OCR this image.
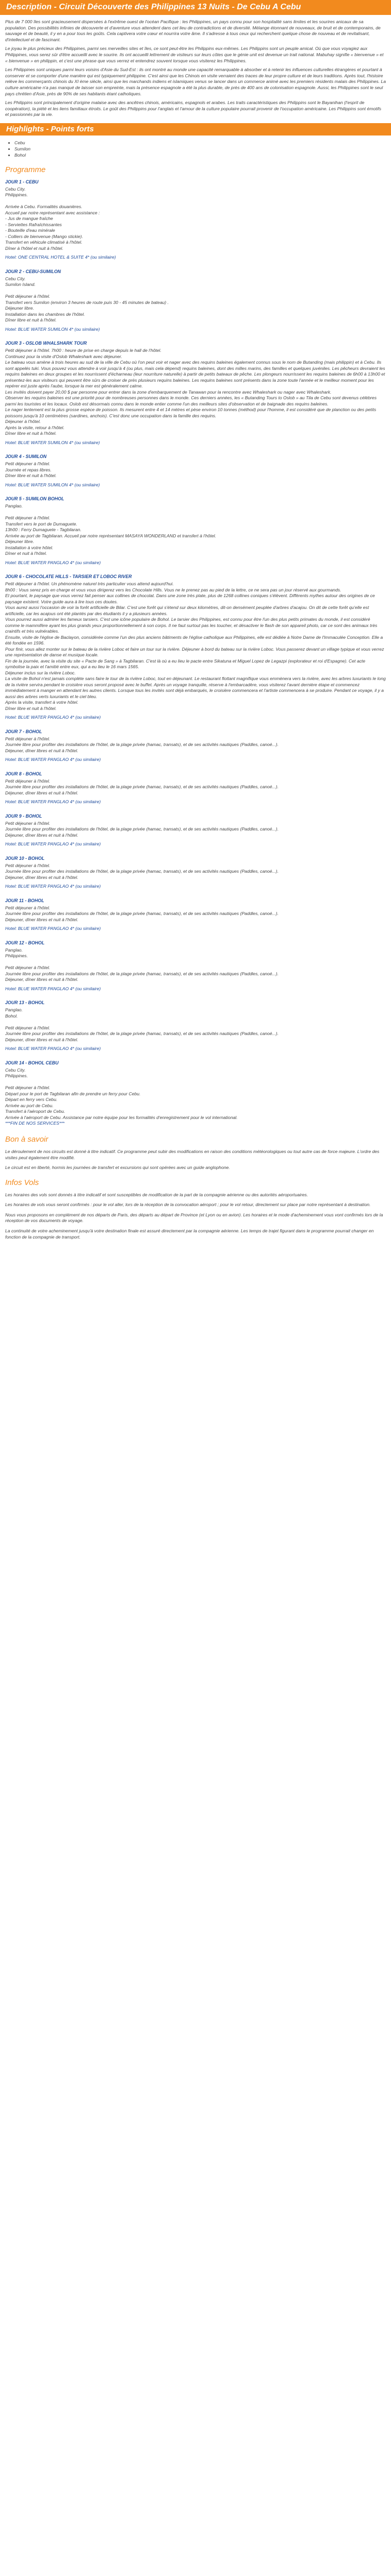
Description - Circuit Découverte des Philippines 13 Nuits - De Cebu A Cebu

Plus de 7 000 îles sont gracieusement dispersées à l'extrême ouest de l'océan Pacifique : les Philippines, un pays connu pour son hospitalité sans limites et les sourires anicaux de sa population. Des possibilités infinies de découverte et d'aventure vous attendent dans cet lieu de contradictions et de diversité. Mélange étonnant de nouveaux, de bruit et de contemporains, de sauvage et de beauté, il y en a pour tous les goûts. Cela captivera votre cœur et nourrira votre âme. Il s'adresse à tous ceux qui recherchent quelque chose de nouveau et de revitalisant, d'intellectuel et de fascinant.

Le joyau le plus précieux des Philippines, parmi ses merveilles sites et îles, ce sont peut-être les Philippins eux-mêmes. Les Philippins sont un peuple amical. Où que vous voyagiez aux Philippines, vous serez sûr d'être accueilli avec le sourire. Ils ont accueilli lettrement de visiteurs sur leurs côtes que le génie unit est devenue un trait national. Mabuhay signifie « bienvenue » et « bienvenue » en philippin, et c'est une phrase que vous verrez et entendrez souvent lorsque vous visiterez les Philippines.

Les Philippines sont uniques parmi leurs voisins d'Asie du Sud-Est : ils ont montré au monde une capacité remarquable à absorber et à retenir les influences culturelles étrangères et pourtant à conserver et se comporter d'une manière qui est typiquement philippine. C'est ainsi que les Chinois en visite verraient des traces de leur propre culture et de leurs traditions. Après tout, l'histoire relève les commerçants chinois du XI ème siècle, ainsi que les marchands indiens et islamiques venus se lancer dans un commerce animé avec les premiers résidents malais des Philippines. La culture américaine n'a pas manqué de laisser son empreinte, mais la présence espagnole a été la plus durable, de près de 400 ans de colonisation espagnole. Aussi, les Philippines sont le seul pays chrétien d'Asie, près de 90% de ses habitants étant catholiques.

Les Philippins sont principalement d'origine malaise avec des ancêtres chinois, américains, espagnols et arabes. Les traits caractéristiques des Philippins sont le Bayanihan (l'esprit de coopération), la piété et les liens familiaux étroits. Le goût des Philippins pour l'anglais et l'amour de la culture populaire pourrait provenir de l'occupation américaine. Les Philippins sont émotifs et passionnés par la vie.

Highlights - Points forts
• Cebu
• Sumilon
• Bohol
Programme
JOUR 1 - CEBU

Cebu City.

Philippines.

Arrivée à Cebu. Formalités douanières.

Accueil par notre représentant avec assistance :

- Jus de mangue fraîche

- Serviettes Rafraîchissantes

- Bouteille d'eau minérale

- Colliers de bienvenue (Mango stickie).

Transfert en véhicule climatisé à l'hôtel.

Dîner à l'hôtel et nuit à l'hôtel.

Hotel: ONE CENTRAL HOTEL & SUITE 4* (ou similaire)

JOUR 2 - CEBU-SUMILON

Cebu City.

Sumilon Island.

Petit déjeuner à l'hôtel.

Transfert vers Sumilon (environ 3 heures de route puis 30 - 45 minutes de bateau) .

Déjeuner libre.

Installation dans les chambres de l'hôtel.

Dîner libre et nuit à l'hôtel.

Hotel: BLUE WATER SUMILON 4* (ou similaire)

JOUR 3 - OSLOB WHALSHARK TOUR

Petit déjeuner à l'hôtel. 7h00 : heure de prise en charge depuis le hall de l'hôtel.

Continuez pour la visite d'Oslob Whaleshark avec déjeuner.

Le bateau vous amène à trois heures au sud de la ville de Cebu où l'on peut voir et nager avec des requins baleines également connus sous le nom de Butanding (mais philippin) et à Cebu. Ils sont appelés tuki. Vous pouvez vous attendre à voir jusqu'à 4 (ou plus, mais cela dépend) requins baleines, dont des milles marins, des familles et quelques juvéniles. Les pêcheurs devraient les requins baleines en deux groupes et les nourrissent d'écharneau (leur nourriture naturelle) à partir de petits bateaux de pêche. Les plongeurs nourrissent les requins baleines de 6h00 à 13h00 et présentez-les aux visiteurs qui peuvent être sûrs de croiser de près plusieurs requins baleines. Les requins baleines sont présents dans la zone toute l'année et le meilleur moment pour les repérer est juste après l'aube, lorsque la mer est généralement calme.

Les invités doivent payer 20,00 $ par personne pour entrer dans la zone d'embarquement de Tanawan pour la rencontre avec Whaleshark ou nager avec Whaleshark.

Observer les requins baleines est une priorité pour de nombreuses personnes dans le monde. Ces derniers années, les « Butanding Tours to Oslob » au Tila de Cebu sont devenus célèbres parmi les touristes et les locaux. Oslob est désormais connu dans le monde entier comme l'un des meilleurs sites d'observation et de baignade des requins baleines.

Le nager lentement est la plus grosse espèce de poisson. Ils mesurent entre 4 et 14 mètres et pèse environ 10 tonnes (méthod) pour l'homme, il est considéré que de planction ou des petits poissons jusqu'à 10 centimètres (sardines, anchois). C'est donc une occupation dans la famille des requins.

Déjeuner à l'hôtel.

Après la visite, retour à l'hôtel.

Dîner libre et nuit à l'hôtel.

Hotel: BLUE WATER SUMILON 4* (ou similaire)

JOUR 4 - SUMILON

Petit déjeuner à l'hôtel.

Journée et repas libres.

Dîner libre et nuit à l'hôtel.

Hotel: BLUE WATER SUMILON 4* (ou similaire)

JOUR 5 - SUMILON BOHOL

Panglao.

Petit déjeuner à l'hôtel.

Transfert vers le port de Dumaguete.

13h00 : Ferry Dumaguete - Tagbilaran.

Arrivée au port de Tagbilaran. Accueil par notre représentant MASAYA WONDERLAND et transfert à l'hôtel.

Déjeuner libre.

Installation à votre hôtel.

Dîner et nuit à l'hôtel.

Hotel: BLUE WATER PANGLAO 4* (ou similaire)

JOUR 6 - CHOCOLATE HILLS - TARSIER ET LOBOC RIVER

Petit déjeuner à l'hôtel. Un phénomène naturel très particulier vous attend aujourd'hui.

8h00 : Vous serez pris en charge et vous vous dirigerez vers les Chocolate Hills. Vous ne le prenez pas au pied de la lettre, ce ne sera pas un jour réservé aux gourmands.

Et pourtant, le paysage que vous verrez fait penser aux collines de chocolat. Dans une zone très plate, plus de 1268 collines coniques s'élèvent. Différents mythes autour des origines de ce paysage existent. Votre guide aura à lire tous ces doutes.

Vous aurez aussi l'occasion de voir la forêt artificielle de Bilar. C'est une forêt qui s'étend sur deux kilomètres, dit-on densément peuplée d'arbres d'acajou. On dit de cette forêt qu'elle est artificielle, car les acajous ont été plantés par des étudiants il y a plusieurs années.

Vous pourrez aussi admirer les fameux tarsiers. C'est une icône populaire de Bohol. Le tarsier des Philippines, est connu pour être l'un des plus petits primates du monde, il est considéré comme le mammifère ayant les plus grands yeux proportionnellement à son corps. Il ne faut surtout pas les toucher, et désactiver le flash de son appareil photo, car ce sont des animaux très craintifs et très vulnérables.

Ensuite, visite de l'église de Baclayon, considérée comme l'un des plus anciens bâtiments de l'église catholique aux Philippines, elle est dédiée à Notre Dame de l'Immaculée Conception. Elle a été fondée en 1596.

Pour finir, vous allez monter sur le bateau de la rivière Loboc et faire un tour sur la rivière. Déjeuner à bord du bateau sur la rivière Loboc. Vous passerez devant un village typique et vous verrez une représentation de danse et musique locale.

Fin de la journée, avec la visite du site « Pacte de Sang » à Tagbilaran. C'est là où a eu lieu le pacte entre Sikatuna et Miguel Lopez de Legazpi (explorateur et roi d'Espagne). Cet acte symbolise la paix et l'amitié entre eux, qui a eu lieu le 16 mars 1565.

Déjeuner inclus sur la rivière Loboc.

La visite de Bohol n'est jamais complète sans faire le tour de la rivière Loboc, tout en déjeunant. Le restaurant flottant magnifique vous emmènera vers la rivière, avec les arbres luxuriants le long de la rivière servira pendant le croisière vous seront proposé avec le buffet. Après un voyage tranquille, réserve à l'embarcadère, vous visiterez l'avant dernière étape et commencez immédiatement à manger en attendant les autres clients. Lorsque tous les invités sont déjà embarqués, le croisière commencera et l'artiste commencera à se produire. Pendant ce voyage, il y a aussi des arbres verts luxuriants et le ciel bleu.

Après la visite, transfert à votre hôtel.

Dîner libre et nuit à l'hôtel.

Hotel: BLUE WATER PANGLAO 4* (ou similaire)

JOUR 7 - BOHOL

Petit déjeuner à l'hôtel.

Journée libre pour profiter des installations de l'hôtel, de la plage privée (hamac, transats), et de ses activités nautiques (Paddles, canoé...).

Déjeuner, dîner libres et nuit à l'hôtel.

Hotel: BLUE WATER PANGLAO 4* (ou similaire)

JOUR 8 - BOHOL

Petit déjeuner à l'hôtel.

Journée libre pour profiter des installations de l'hôtel, de la plage privée (hamac, transats), et de ses activités nautiques (Paddles, canoé...).

Déjeuner, dîner libres et nuit à l'hôtel.

Hotel: BLUE WATER PANGLAO 4* (ou similaire)

JOUR 9 - BOHOL

Petit déjeuner à l'hôtel.

Journée libre pour profiter des installations de l'hôtel, de la plage privée (hamac, transats), et de ses activités nautiques (Paddles, canoé...).

Déjeuner, dîner libres et nuit à l'hôtel.

Hotel: BLUE WATER PANGLAO 4* (ou similaire)

JOUR 10 - BOHOL

Petit déjeuner à l'hôtel.

Journée libre pour profiter des installations de l'hôtel, de la plage privée (hamac, transats), et de ses activités nautiques (Paddles, canoé...).

Déjeuner, dîner libres et nuit à l'hôtel.

Hotel: BLUE WATER PANGLAO 4* (ou similaire)

JOUR 11 - BOHOL

Petit déjeuner à l'hôtel.

Journée libre pour profiter des installations de l'hôtel, de la plage privée (hamac, transats), et de ses activités nautiques (Paddles, canoé...).

Déjeuner, dîner libres et nuit à l'hôtel.

Hotel: BLUE WATER PANGLAO 4* (ou similaire)

JOUR 12 - BOHOL

Panglao.

Philippines.

Petit déjeuner à l'hôtel.

Journée libre pour profiter des installations de l'hôtel, de la plage privée (hamac, transats), et de ses activités nautiques (Paddles, canoé...).

Déjeuner, dîner libres et nuit à l'hôtel.

Hotel: BLUE WATER PANGLAO 4* (ou similaire)

JOUR 13 - BOHOL

Panglao.

Bohol.

Petit déjeuner à l'hôtel.

Journée libre pour profiter des installations de l'hôtel, de la plage privée (hamac, transats), et de ses activités nautiques (Paddles, canoé...).

Déjeuner, dîner libres et nuit à l'hôtel.

Hotel: BLUE WATER PANGLAO 4* (ou similaire)

JOUR 14 - BOHOL CEBU

Cebu City.

Philippines.

Petit déjeuner à l'hôtel.

Départ pour le port de Tagbilaran afin de prendre un ferry pour Cebu.

Départ en ferry vers Cebu.

Arrivée au port de Cebu.

Transfert à l'aéroport de Cebu.

Arrivée à l'aéroport de Cebu. Assistance par notre équipe pour les formalités d'enregistrement pour le vol international.

***FIN DE NOS SERVICES***

Bon à savoir

Le déroulement de nos circuits est donné à titre indicatif. Ce programme peut subir des modifications en raison des conditions météorologiques ou tout autre cas de force majeure. L'ordre des visites peut également être modifié.

Le circuit est en liberté, hormis les journées de transfert et excursions qui sont opérées avec un guide anglophone.

Infos Vols

Les horaires des vols sont donnés à titre indicatif et sont susceptibles de modification de la part de la compagnie aérienne ou des autorités aéroportuaires.

Les horaires de vols vous seront confirmés : pour le vol aller, lors de la réception de la convocation aéroport ; pour le vol retour, directement sur place par notre représentant à destination.

Nous vous proposons en complément de nos départs de Paris, des départs au départ de Province (et Lyon ou en avion). Les horaires et le mode d'acheminement vous vont confirmés lors de la réception de vos documents de voyage.

La continuité de votre acheminement jusqu'à votre destination finale est assuré directement par la compagnie aérienne. Les temps de trajet figurant dans le programme pourrait changer en fonction de la compagnie de transport.
